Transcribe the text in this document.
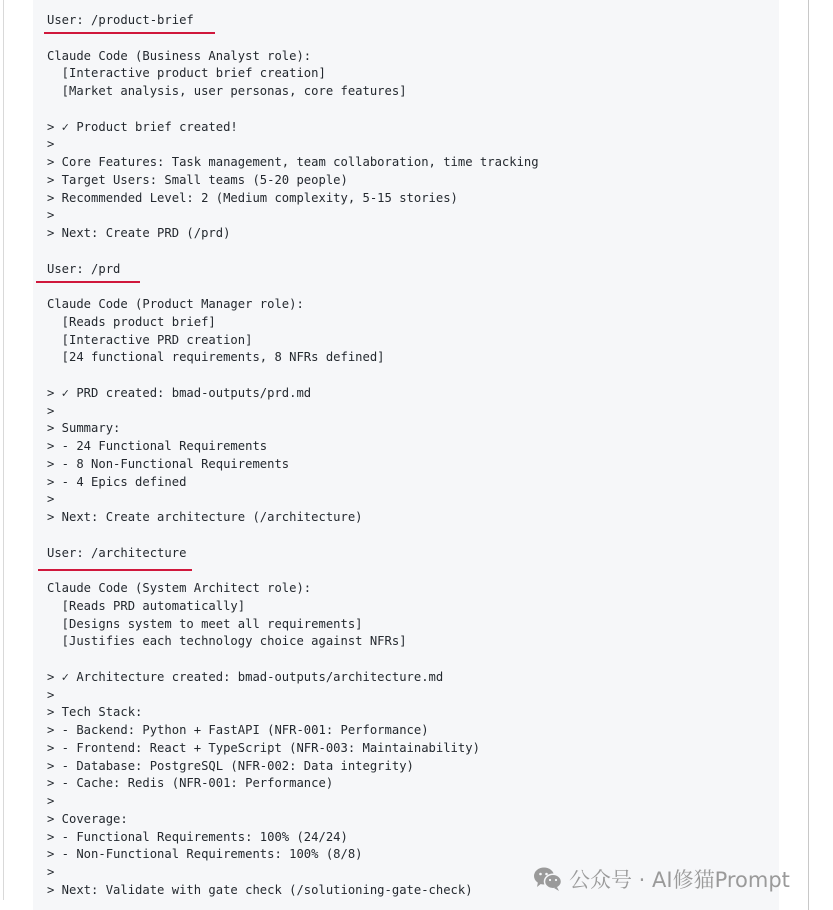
User: /product-brief
Claude Code (Business Analyst role):
[Interactive product brief creation]
[Market analysis, user personas, core features]
> ✓ Product brief created!
>
> Core Features: Task management, team collaboration, time tracking
> Target Users: Small teams (5-20 people)
> Recommended Level: 2 (Medium complexity, 5-15 stories)
>
> Next: Create PRD (/prd)
User: /prd
Claude Code (Product Manager role):
[Reads product brief]
[Interactive PRD creation]
[24 functional requirements, 8 NFRs defined]
> ✓ PRD created: bmad-outputs/prd.md
>
> Summary:
> - 24 Functional Requirements
> - 8 Non-Functional Requirements
> - 4 Epics defined
>
> Next: Create architecture (/architecture)
User: /architecture
Claude Code (System Architect role):
[Reads PRD automatically]
[Designs system to meet all requirements]
[Justifies each technology choice against NFRs]
> ✓ Architecture created: bmad-outputs/architecture.md
>
> Tech Stack:
> - Backend: Python + FastAPI (NFR-001: Performance)
> - Frontend: React + TypeScript (NFR-003: Maintainability)
> - Database: PostgreSQL (NFR-002: Data integrity)
> - Cache: Redis (NFR-001: Performance)
>
> Coverage:
> - Functional Requirements: 100% (24/24)
> - Non-Functional Requirements: 100% (8/8)
>
> Next: Validate with gate check (/solutioning-gate-check)	公众号 · AI修猫Prompt
